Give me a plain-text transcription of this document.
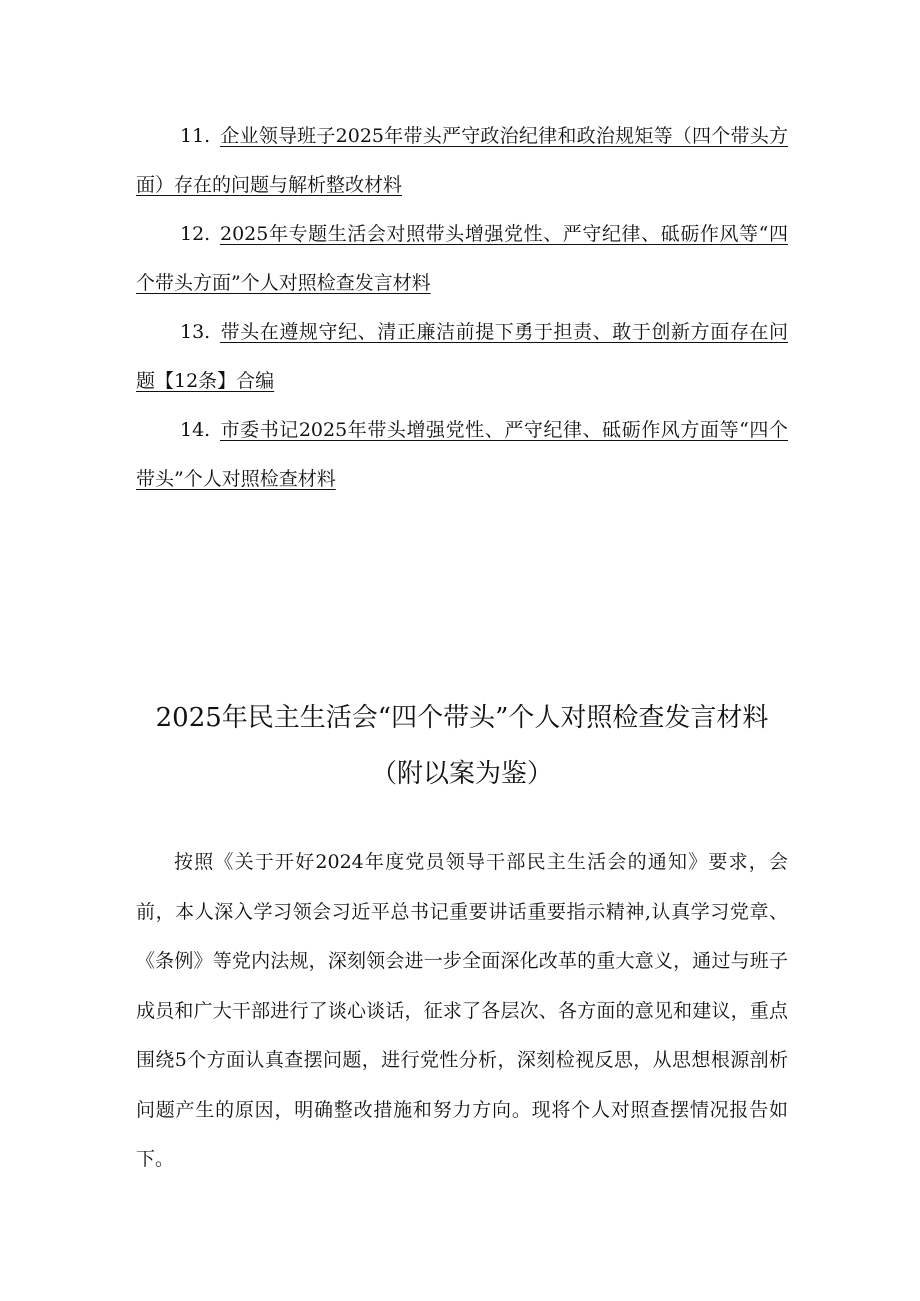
11. 企业领导班子2025年带头严守政治纪律和政治规矩等（四个带头方面）存在的问题与解析整改材料

12. 2025年专题生活会对照带头增强党性、严守纪律、砥砺作风等“四个带头方面”个人对照检查发言材料

13. 带头在遵规守纪、清正廉洁前提下勇于担责、敢于创新方面存在问题【12条】合编

14. 市委书记2025年带头增强党性、严守纪律、砥砺作风方面等“四个带头”个人对照检查材料

2025年民主生活会“四个带头”个人对照检查发言材料（附以案为鉴）

按照《关于开好2024年度党员领导干部民主生活会的通知》要求，会前，本人深入学习领会习近平总书记重要讲话重要指示精神,认真学习党章、《条例》等党内法规，深刻领会进一步全面深化改革的重大意义，通过与班子成员和广大干部进行了谈心谈话，征求了各层次、各方面的意见和建议，重点围绕5个方面认真查摆问题，进行党性分析，深刻检视反思，从思想根源剖析问题产生的原因，明确整改措施和努力方向。现将个人对照查摆情况报告如下。
